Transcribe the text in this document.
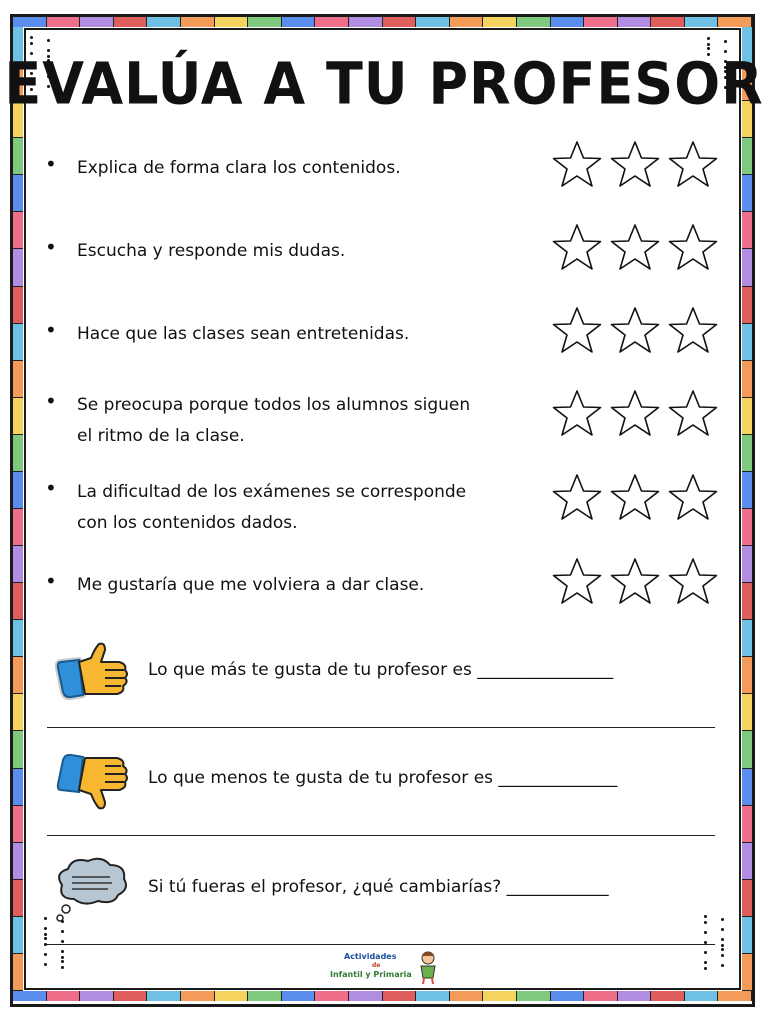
EVALÚA A TU PROFESOR
• Explica de forma clara los contenidos.
• Escucha y responde mis dudas.
• Hace que las clases sean entretenidas.
• Se preocupa porque todos los alumnos siguen
el ritmo de la clase.
• La dificultad de los exámenes se corresponde
con los contenidos dados.
• Me gustaría que me volviera a dar clase.
Lo que más te gusta de tu profesor es ________________
Lo que menos te gusta de tu profesor es ______________
Si tú fueras el profesor, ¿qué cambiarías? ____________
Actividades
de
Infantil y Primaria
